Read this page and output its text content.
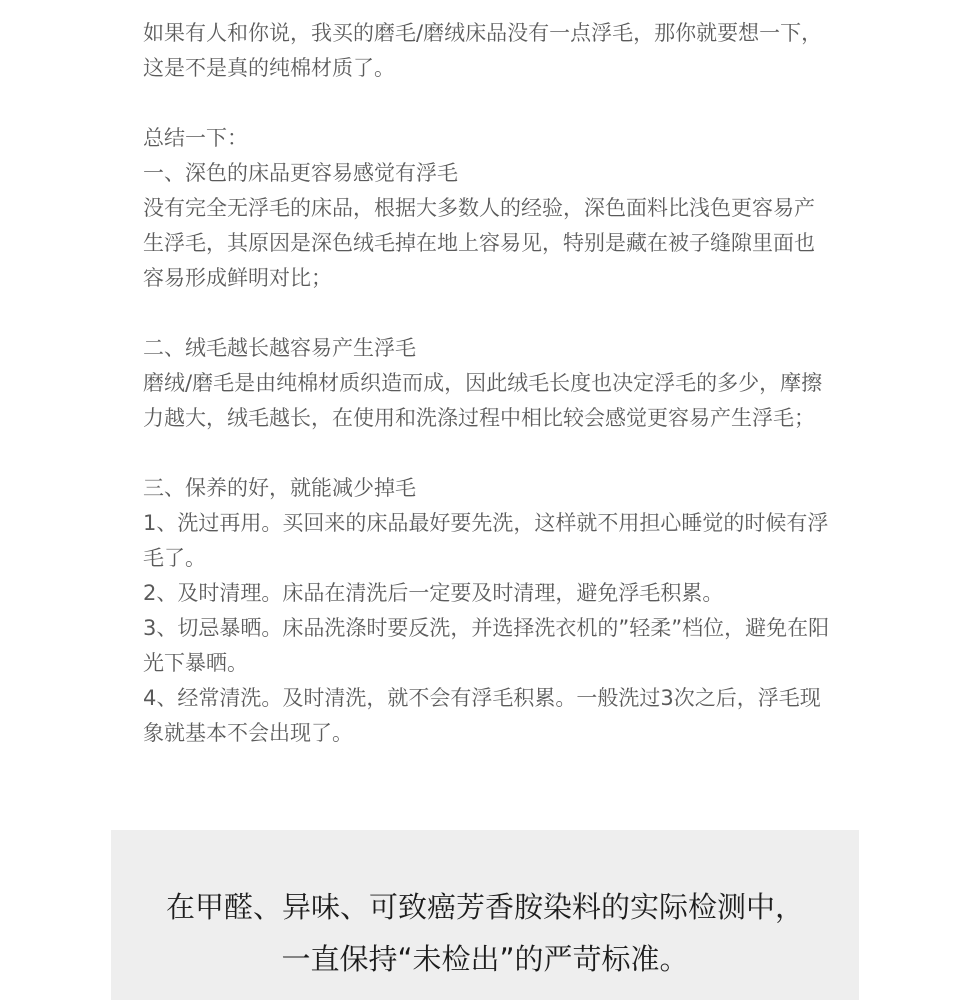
如果有人和你说，我买的磨毛/磨绒床品没有一点浮毛，那你就要想一下，这是不是真的纯棉材质了。

总结一下：

一、深色的床品更容易感觉有浮毛

没有完全无浮毛的床品，根据大多数人的经验，深色面料比浅色更容易产生浮毛，其原因是深色绒毛掉在地上容易见，特别是藏在被子缝隙里面也容易形成鲜明对比；

二、绒毛越长越容易产生浮毛

磨绒/磨毛是由纯棉材质织造而成，因此绒毛长度也决定浮毛的多少，摩擦力越大，绒毛越长，在使用和洗涤过程中相比较会感觉更容易产生浮毛；

三、保养的好，就能减少掉毛

1、洗过再用。买回来的床品最好要先洗，这样就不用担心睡觉的时候有浮毛了。

2、及时清理。床品在清洗后一定要及时清理，避免浮毛积累。

3、切忌暴晒。床品洗涤时要反洗，并选择洗衣机的”轻柔”档位，避免在阳光下暴晒。

4、经常清洗。及时清洗，就不会有浮毛积累。一般洗过3次之后，浮毛现象就基本不会出现了。

在甲醛、异味、可致癌芳香胺染料的实际检测中，
一直保持“未检出”的严苛标准。
